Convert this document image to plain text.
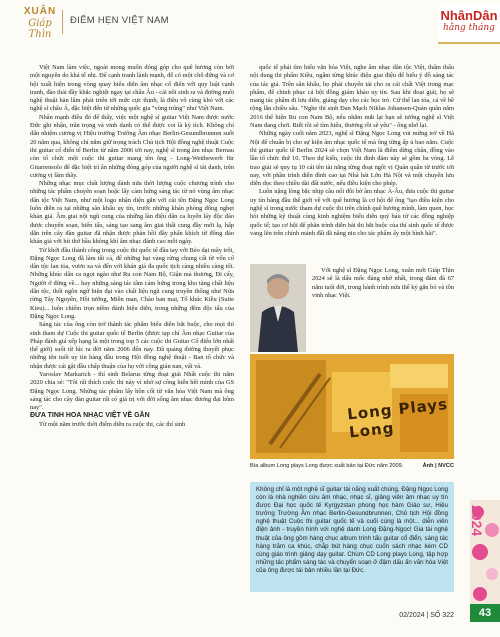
XUÂN
Giáp Thìn
ĐIỂM HẸN VIỆT NAM	NhânDân
hằng tháng

Việt Nam làm việc, ngoài mong muốn đóng góp cho quê hương còn bởi một nguyên do khá tế nhị. Để cạnh tranh lành mạnh, để có một chỗ đứng và cơ hội xuất hiện trong vòng quay biểu diễn âm nhạc cổ điển với quy luật cạnh tranh, đào thải đầy khắc nghiệt ngay tại châu Âu - cái nôi sinh ra và đường nuôi nghệ thuật hàn lâm phát triển tới mức cực thịnh, là điều vô cùng khó với các nghệ sĩ châu Á, đặc biệt đến từ những quốc gia "vùng trũng" như Việt Nam.

Nhân mạnh điều đó để thấy, việc một nghệ sĩ guitar Việt Nam được nước Đức ghi nhận, trân trọng và vinh danh có thể được coi là kỳ tích. Không chỉ dấn nhiệm cương vị Hiệu trưởng Trường Âm nhạc Berlin-Gesundbrunnen suốt 20 năm qua, không chỉ nắm giữ trọng trách Chủ tịch Hội đồng nghệ thuật Cuộc thi guitar cổ điển tế Berlin từ năm 2006 tới nay, nghệ sĩ trong âm nhạc Bernau còn tổ chức một cuộc thi guitar mang tên ông - Long-Wettbewerb für Gitarrensolo để đặc biệt trì ân những đóng góp của người nghệ sĩ tài danh, trên cương vị lâm thầy.

Những nhạc mục chất lượng dành nửa thời lượng cuộc chương trình cho những tác phẩm chuyên soạn hoặc lấy cảm hứng sáng tác từ nó vùng âm nhạc dân tộc Việt Nam, như một logo nhận diện gắn với cái tên Đặng Ngọc Long luôn diễn ra tại những sân khấu uy tín, trước những khán phòng đông nghẹt khán giả. Âm giai nội ngũ cung của những làn điệu dân ca luyến láy độc đáo được chuyển soạn, biến tấu, sáng tạo sang âm giai thất cung đầy mới lạ, hấp dẫn trên cây đàn guitar đã nhận được phản hồi đầy phấn khích từ đông đảo khán giả với hít thở bầu không khí âm nhạc đánh cao mỗi ngày.

Từ khởi đầu thành công trong cuộc thi quốc tế đầu tay với Bèo dạt mây trôi, Đặng Ngọc Long đã làm tất cả, để những hạt vàng rừng chung cất từ vốn cổ dân tộc lan tỏa, vươn xa và đến với khán giả đa quốc tịch càng nhiều càng tốt. Những khúc dân ca ngọt ngào như Ru con Nam Bộ, Giận mà thương, Đi cấy, Người ở đừng về... hay những sáng tác tâm cảm hứng trong kho tàng chất liệu dân tộc, thổi ngôn ngữ hiện đại vào chất liệu ngũ cung truyền thống như Nửa rừng Tây Nguyên, Hồi tưởng, Miền man, Chào ban mai, Tổ khúc Kiều (Suite Kieu)... luôn chiếm trọn niềm đánh hiệu diễn, trong những đêm độc tấu của Đặng Ngọc Long.

Sáng tác của ông còn trở thành tác phẩm biểu diễn bắt buộc, cho mọi thí sinh tham dự Cuộc thi guitar quốc tế Berlin (được tạp chí Âm nhạc Guitar của Pháp đánh giá xếp hạng là một trong top 5 các cuộc thi Guitar Cổ điển lớn nhất thế giới) suốt từ lúc ra đời năm 2006 đến nay. Đã quảng đường thuyết phục những tên tuổi uy tín hàng đầu trong Hội đồng nghệ thuật - Ban tổ chức và nhận được cái gật đầu chấp thuận của họ với công giản nan, vất vả.

Yaroslav Markarich - thí sinh Belarus từng đoạt giải Nhất cuộc thi năm 2020 chia sẻ: "Tôi rất thích cuộc thi này vì nhờ sự công hiến hết mình của GS Đặng Ngọc Long. Những tác phẩm lấy hồn cốt từ văn hóa Việt Nam mà ông sáng tác cho cây đàn guitar rất có giá trị với đời sống âm nhạc đương đại hôm nay".

ĐƯA TINH HOA NHẠC VIỆT VỀ GẦN

Từ một năm trước thời điểm diễn ra cuộc thi, các thí sinh

quốc tế phải tìm hiểu văn hóa Việt, nghe âm nhạc dân tộc Việt, thẩm thấu nội dung thi phẩm Kiều, ngẫm từng khúc điệu giai điệu để hiểu ý đồ sáng tác của tác giả. Trên sân khấu, họ phải chuyển tải cho ra cái chất Việt trong mạc phẩm, để chinh phục cả hội đồng giám khảo uy tín. Sau khi đoạt giải, họ sẽ mang tác phẩm đi lưu diễn, giảng dạy cho các học trò. Cứ thế lan tỏa, cả về bề rộng lẫn chiều sâu. "Nghe thí sinh Đan Mạch Niklas Johansen-Quán quân năm 2016 thể hiện Ru con Nam Bộ, nếu nhắm mắt lại bạn sẽ tưởng nghệ sĩ Việt Nam đang chơi. Biết rồi sẽ tìm hiểu, thương rồi sẽ yêu" - ông nhớ lại.

Những ngày cuối năm 2023, nghệ sĩ Đặng Ngọc Long vui mừng trở về Hà Nội để chuẩn bị cho sự kiện âm nhạc quốc tế mà ông từng ấp ủ bao năm. Cuộc thi guitar quốc tế Berlin 2024 sẽ chọn Việt Nam là điểm dừng chân, đồng vào lần tổ chức thứ 10. Theo dự kiến, cuộc thi đỉnh đám này sẽ gồm ba vòng. Lễ trao giải sẽ quy tụ 10 cái tên tài năng từng đoạt ngôi vị Quán quân từ trước tới nay, với phần trình diễn đỉnh cao tại Nhà hát Lớn Hà Nội và một chuyến lưu diễn dọc theo chiều dài đất nước, nếu điều kiện cho phép.

Luôn nặng lòng bắc nhịp cầu nối đôi bờ âm nhạc Á-Âu, đưa cuộc thi guitar uy tín hàng đầu thế giới về với quê hương là cơ hội để ông "tạo điều kiện cho nghệ sĩ trong nước tham dự cuộc thi trên chính quê hương mình, làm quen, học hỏi những kỹ thuật cùng kinh nghiệm biểu diễn quý báu từ các đồng nghiệp quốc tế; tạo cơ hội để phân trình diễn bài thi bắt buộc của thí sinh quốc tế được vang lên trên chính mảnh đất đã nâng niu cho tác phẩm ấy một hình hài".

Với nghệ sĩ Đặng Ngọc Long, xuân mới Giáp Thìn 2024 sẽ là dấu mốc đáng nhớ nhất, trong đám đà 67 năm tuổi đời, trong hành trình nửa thế kỷ gắn bó và tôn vinh nhạc Việt.

Long Plays Long
Ảnh | NVCC
Bìa album Long plays Long được xuất bản tại Đức năm 2009.

Không chỉ là một nghệ sĩ guitar tài năng xuất chúng, Đặng Ngọc Long còn là nhà nghiên cứu âm nhạc, nhạc sĩ, giảng viên âm nhạc uy tín được Đại học quốc tế Kyrgyzstan phong học hàm Giáo sư, Hiệu trưởng Trường Âm nhạc Berlin-Gesundbrunnen, Chủ tịch Hội đồng nghệ thuật Cuộc thi guitar quốc tế và cuối cùng là một... diễn viên điện ảnh - truyền hình với nghệ danh Long Đặng-Ngọc! Gia tài nghệ thuật của ông gồm hàng chục album trình tấu guitar cổ điển, sáng tác hàng trăm ca khúc, chắp bút hàng chục cuốn sách nhạc kèm CD cùng giáo trình giảng dạy guitar. Chùm CD Long plays Long, tập hợp những tác phẩm sáng tác và chuyển soạn ở đậm dấu ấn văn hóa Việt của ông được tái bản nhiều lần tại Đức.

2024
02/2024 | SỐ 322	43
